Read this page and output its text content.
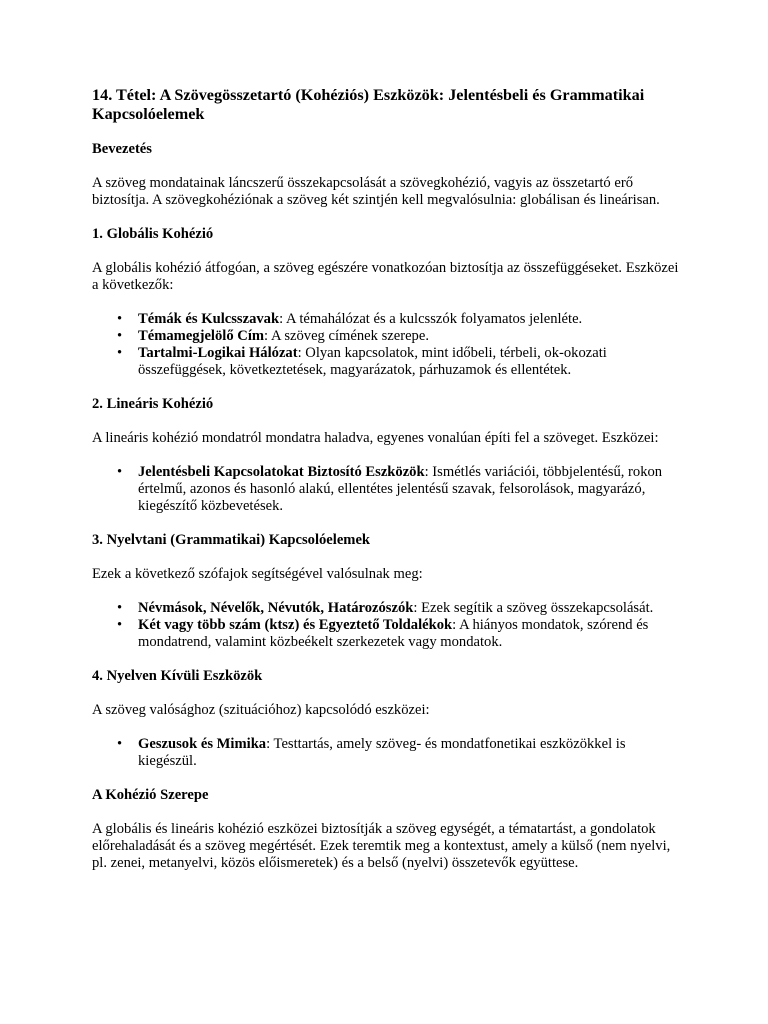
14. Tétel: A Szövegösszetartó (Kohéziós) Eszközök: Jelentésbeli és Grammatikai Kapcsolóelemek
Bevezetés

A szöveg mondatainak láncszerű összekapcsolását a szövegkohézió, vagyis az összetartó erő biztosítja. A szövegkohéziónak a szöveg két szintjén kell megvalósulnia: globálisan és lineárisan.

1. Globális Kohézió

A globális kohézió átfogóan, a szöveg egészére vonatkozóan biztosítja az összefüggéseket. Eszközei a következők:

• Témák és Kulcsszavak: A témahálózat és a kulcsszók folyamatos jelenléte.
• Témamegjelölő Cím: A szöveg címének szerepe.
• Tartalmi-Logikai Hálózat: Olyan kapcsolatok, mint időbeli, térbeli, ok-okozati összefüggések, következtetések, magyarázatok, párhuzamok és ellentétek.
2. Lineáris Kohézió

A lineáris kohézió mondatról mondatra haladva, egyenes vonalúan építi fel a szöveget. Eszközei:

• Jelentésbeli Kapcsolatokat Biztosító Eszközök: Ismétlés variációi, többjelentésű, rokon értelmű, azonos és hasonló alakú, ellentétes jelentésű szavak, felsorolások, magyarázó, kiegészítő közbevetések.
3. Nyelvtani (Grammatikai) Kapcsolóelemek

Ezek a következő szófajok segítségével valósulnak meg:

• Névmások, Névelők, Névutók, Határozószók: Ezek segítik a szöveg összekapcsolását.
• Két vagy több szám (ktsz) és Egyeztető Toldalékok: A hiányos mondatok, szórend és mondatrend, valamint közbeékelt szerkezetek vagy mondatok.
4. Nyelven Kívüli Eszközök

A szöveg valósághoz (szituációhoz) kapcsolódó eszközei:

• Geszusok és Mimika: Testtartás, amely szöveg- és mondatfonetikai eszközökkel is kiegészül.
A Kohézió Szerepe

A globális és lineáris kohézió eszközei biztosítják a szöveg egységét, a tématartást, a gondolatok előrehaladását és a szöveg megértését. Ezek teremtik meg a kontextust, amely a külső (nem nyelvi, pl. zenei, metanyelvi, közös előismeretek) és a belső (nyelvi) összetevők együttese.
